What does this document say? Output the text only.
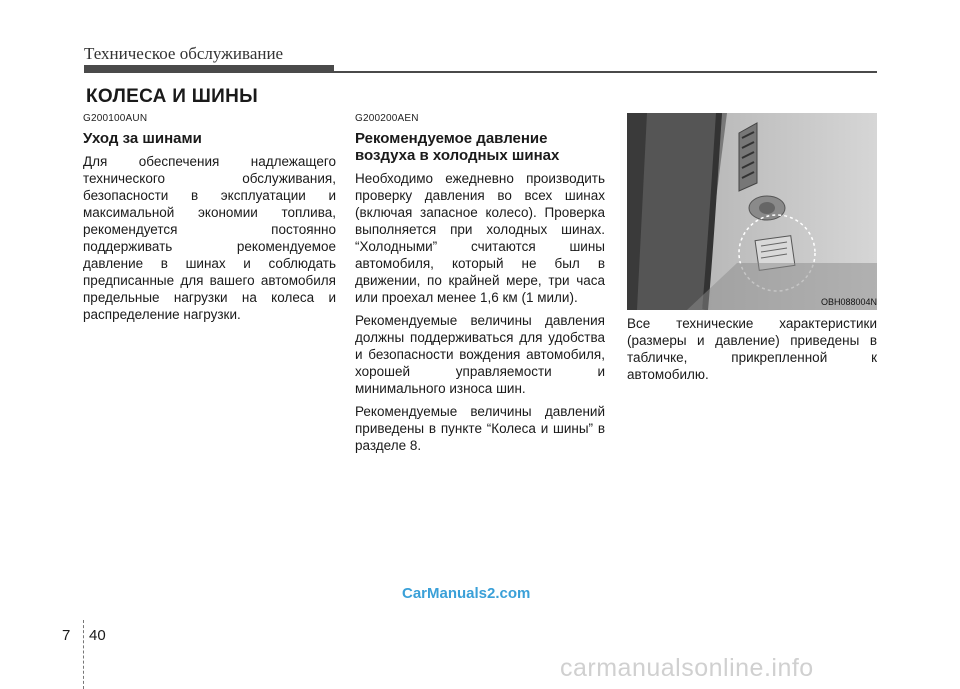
Техническое обслуживание
КОЛЕСА И ШИНЫ
G200100AUN
Уход за шинами

Для обеспечения надлежащего технического обслуживания, безопасности в эксплуатации и максимальной экономии топлива, рекомендуется постоянно поддерживать рекомендуемое давление в шинах и соблюдать предписанные для вашего автомобиля предельные нагрузки на колеса и распределение нагрузки.

G200200AEN
Рекомендуемое давление воздуха в холодных шинах

Необходимо ежедневно производить проверку давления во всех шинах (включая запасное колесо). Проверка выполняется при холодных шинах. “Холодными” считаются шины автомобиля, который не был в движении, по крайней мере, три часа или проехал менее 1,6 км (1 мили).

Рекомендуемые величины давления должны поддерживаться для удобства и безопасности вождения автомобиля, хорошей управляемости и минимального износа шин.

Рекомендуемые величины давлений приведены в пункте “Колеса и шины” в разделе 8.

OBH088004N

Все технические характеристики (размеры и давление) приведены в табличке, прикрепленной к автомобилю.

7 40
CarManuals2.com
carmanualsonline.info
